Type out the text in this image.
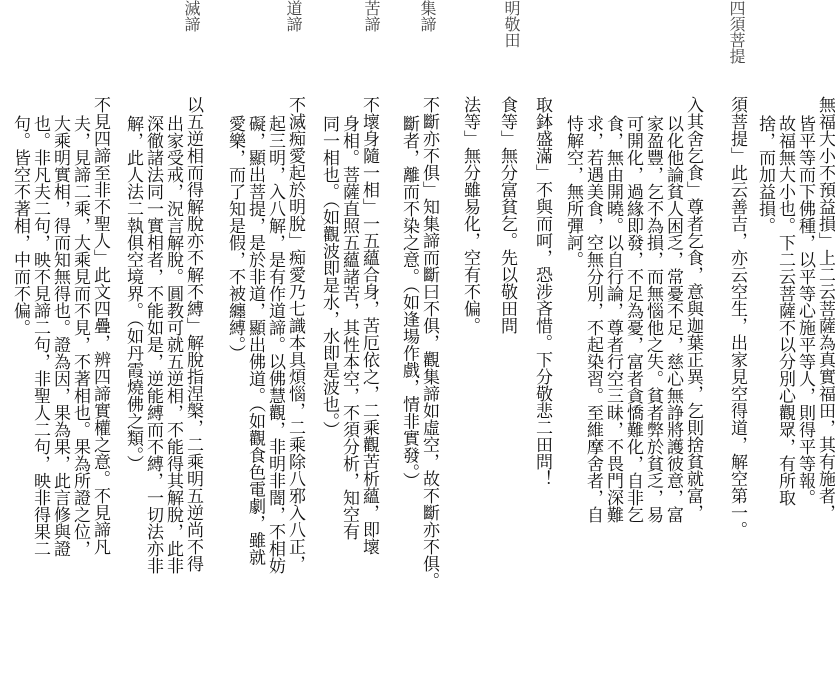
四須菩提
明敬田
集諦
苦諦
道諦
滅諦
無福大小不預益損」上二云菩薩為真實福田，其有施者，
皆平等而下佛種，以平等心施平等人，則得平等報。
故福無大小也。下二云菩薩不以分別心觀眾，有所取
捨，而加益損。
須菩提」此云善吉，亦云空生，出家見空得道，解空第一。
入其舍乞食」尊者乞食，意與迦葉正異，乞則捨貧就富，
以化他論貧人困乏，常憂不足，慈心無諍將護彼意，富
家盈豐，乞不為損，而無惱他之失。貧者弊於貧乏，易
可開化，過緣即發，不足為憂，富者貪憍難化，自非乞
食，無由開曉。以自行論，尊者行空三昧，不畏門深難
求，若遇美食，空無分別，不起染習。至維摩舍者，自
恃解空，無所彈訶。
取鉢盛滿」不與而呵，恐涉吝惜。下分敬悲二田問！
食等」無分富貧乞。先以敬田問
法等」無分雖易化，空有不偏。
不斷亦不俱」知集諦而斷曰不俱，觀集諦如虛空，故不斷亦不俱。
斷者，離而不染之意。（如逢場作戲，情非實發。）
不壞身隨一相」一五蘊合身，苦厄依之，二乘觀苦析蘊，即壞
身相。菩薩直照五蘊諸苦，其性本空，不須分析，知空有
同一相也。（如觀波即是水，水即是波也。）
不滅痴愛起於明脫」痴愛乃七識本具煩惱，二乘除八邪入八正，
起三明，入八解，是有作道諦。以佛慧觀，非明非闇，不相妨
礙，顯出菩提，是於非道，顯出佛道。（如觀食色電劇，雖就
愛樂，而了知是假，不被纏縛。）
以五逆相而得解脫亦不解不縛」解脫指涅槃，二乘明五逆尚不得
出家受戒，況言解脫。圓教可就五逆相，不能得其解脫，此非
深徹諸法同一實相者，不能如是，逆能縛而不縛，一切法亦非
解，此人法二執俱空境界。（如丹霞燒佛之類。）
不見四諦至非不聖人」此文四疊，辨四諦實權之意。不見諦凡
夫，見諦二乘，大乘見而不見，不著相也。果為所證之位，
大乘明實相，得而知無得也。證為因，果為果，此言修與證
也。非凡夫二句，映不見諦二句，非聖人二句，映非得果二
句。皆空不著相，中而不偏。
